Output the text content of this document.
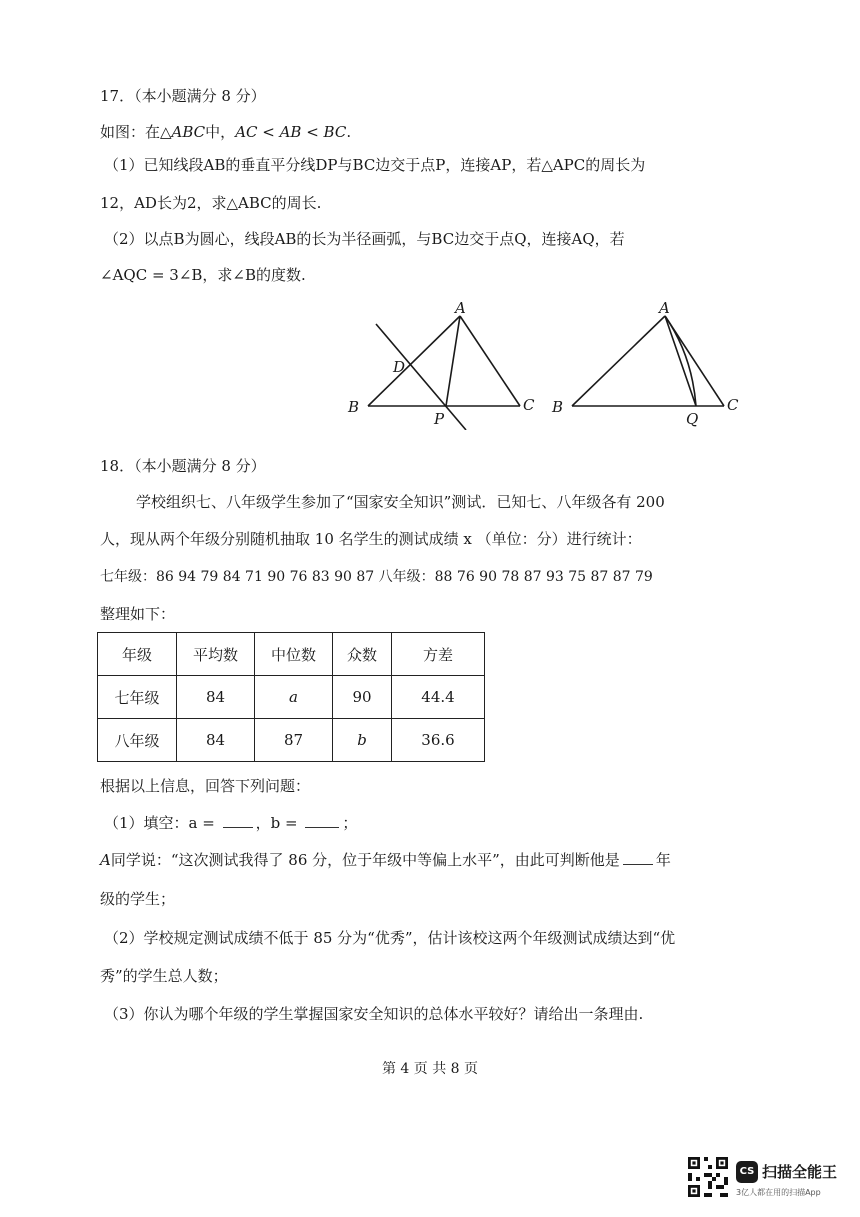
17．（本小题满分 8 分）
如图：在△ABC中，AC < AB < BC.
（1）已知线段AB的垂直平分线DP与BC边交于点P，连接AP，若△APC的周长为
12，AD长为2，求△ABC的周长.
（2）以点B为圆心，线段AB的长为半径画弧，与BC边交于点Q，连接AQ，若
∠AQC = 3∠B，求∠B的度数.
A
B	C
D
P
A
B	C
Q
18．（本小题满分 8 分）
学校组织七、八年级学生参加了“国家安全知识”测试．已知七、八年级各有 200
人，现从两个年级分别随机抽取 10 名学生的测试成绩 x （单位：分）进行统计：
七年级：86 94 79 84 71 90 76 83 90 87 八年级：88 76 90 78 87 93 75 87 87 79
整理如下：
年级	平均数	中位数	众数	方差
七年级	84	a	90	44.4
八年级	84	87	b	36.6
根据以上信息，回答下列问题：
（1）填空：a = ，b =	；
A同学说：“这次测试我得了 86 分，位于年级中等偏上水平”，由此可判断他是 年
级的学生；
（2）学校规定测试成绩不低于 85 分为“优秀”，估计该校这两个年级测试成绩达到“优
秀”的学生总人数；
（3）你认为哪个年级的学生掌握国家安全知识的总体水平较好？请给出一条理由.
第 4 页 共 8 页
CS 扫描全能王
3亿人都在用的扫描App
